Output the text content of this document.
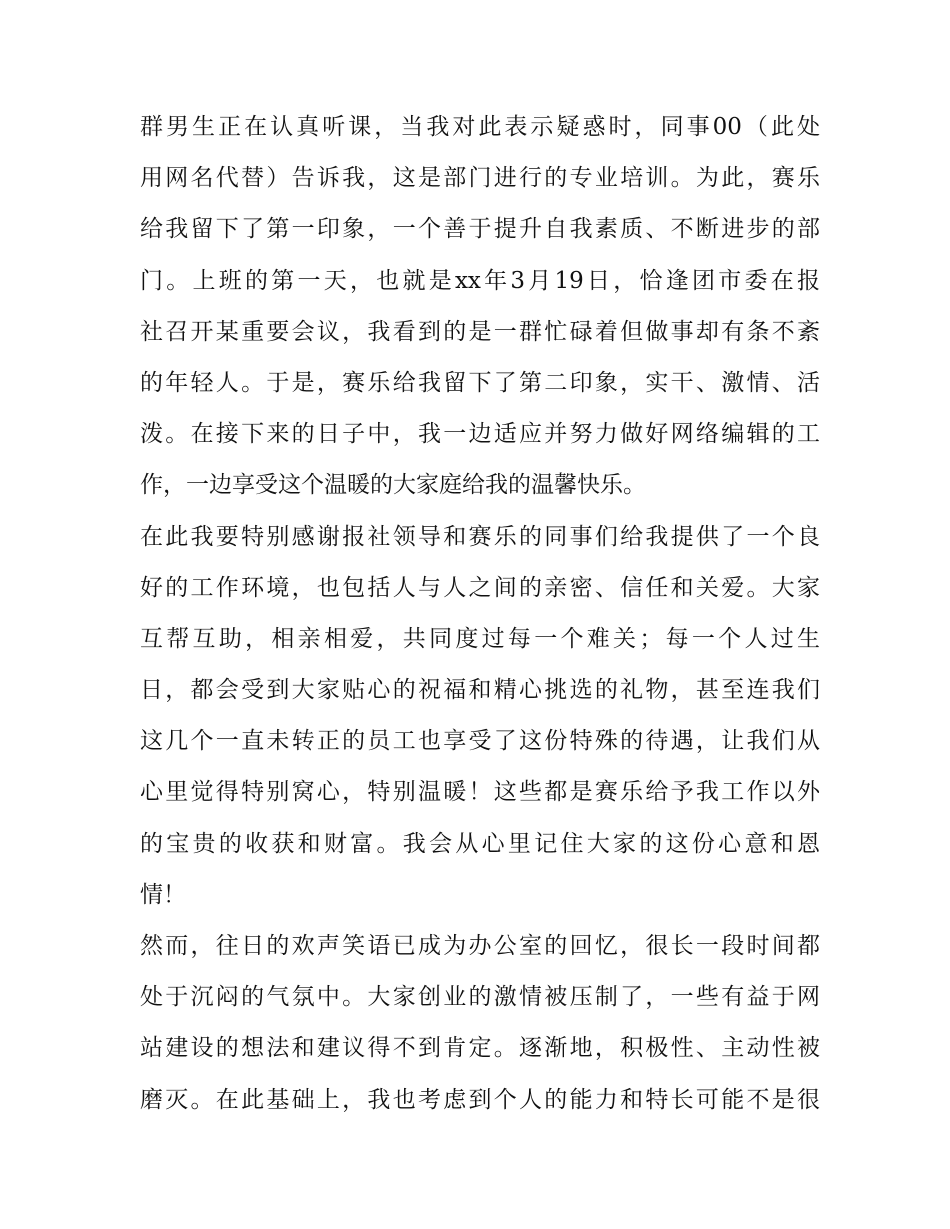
群男生正在认真听课，当我对此表示疑惑时，同事00（此处
用网名代替）告诉我，这是部门进行的专业培训。为此，赛乐
给我留下了第一印象，一个善于提升自我素质、不断进步的部
门。上班的第一天，也就是xx年3月19日，恰逢团市委在报
社召开某重要会议，我看到的是一群忙碌着但做事却有条不紊
的年轻人。于是，赛乐给我留下了第二印象，实干、激情、活
泼。在接下来的日子中，我一边适应并努力做好网络编辑的工
作，一边享受这个温暖的大家庭给我的温馨快乐。
在此我要特别感谢报社领导和赛乐的同事们给我提供了一个良
好的工作环境，也包括人与人之间的亲密、信任和关爱。大家
互帮互助，相亲相爱，共同度过每一个难关；每一个人过生
日，都会受到大家贴心的祝福和精心挑选的礼物，甚至连我们
这几个一直未转正的员工也享受了这份特殊的待遇，让我们从
心里觉得特别窝心，特别温暖！这些都是赛乐给予我工作以外
的宝贵的收获和财富。我会从心里记住大家的这份心意和恩
情！
然而，往日的欢声笑语已成为办公室的回忆，很长一段时间都
处于沉闷的气氛中。大家创业的激情被压制了，一些有益于网
站建设的想法和建议得不到肯定。逐渐地，积极性、主动性被
磨灭。在此基础上，我也考虑到个人的能力和特长可能不是很
